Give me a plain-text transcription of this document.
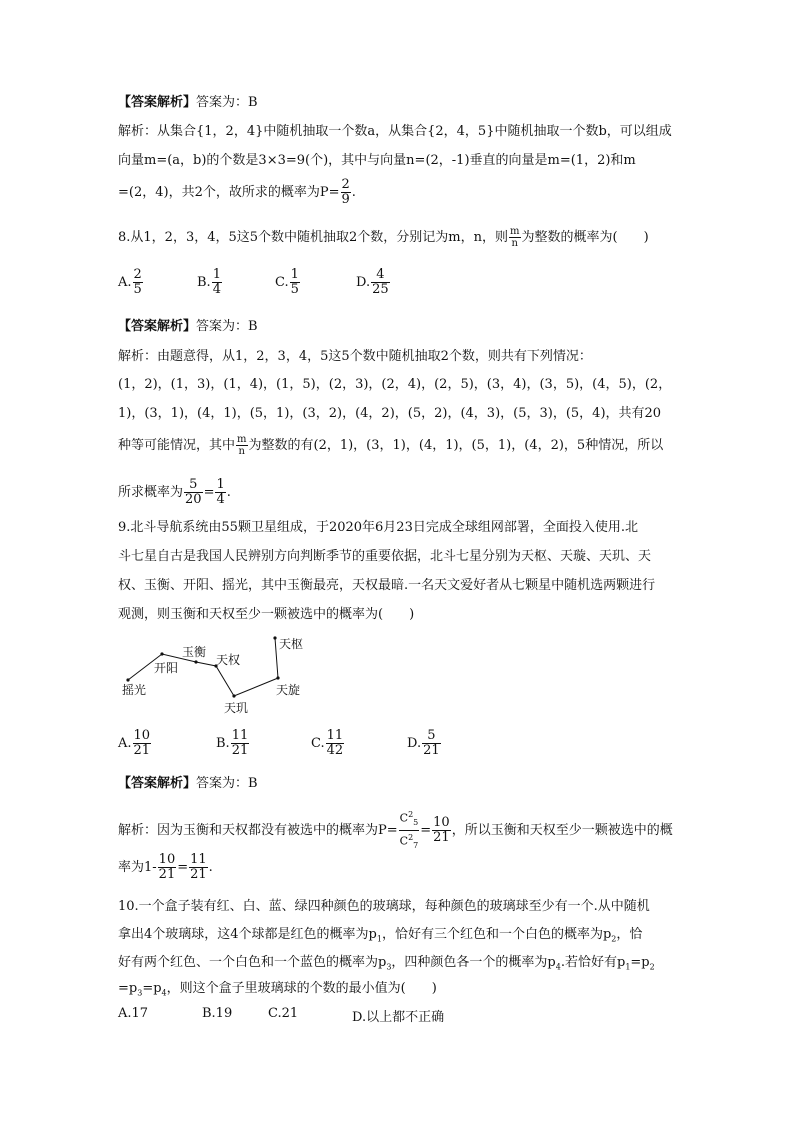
【答案解析】答案为：B
解析：从集合{1，2，4}中随机抽取一个数a，从集合{2，4，5}中随机抽取一个数b，可以组成
向量m=(a，b)的个数是3×3=9(个)，其中与向量n=(2，-1)垂直的向量是m=(1，2)和m
=(2，4)，共2个，故所求的概率为$P= \frac{2}{9}$ .
8.从1，2，3，4，5这5个数中随机抽取2个数，分别记为m，n，则 $\frac{m}{n}$ 为整数的概率为(　　)
A. $\frac{2}{5}$	B. $\frac{1}{4}$	C. $\frac{1}{5}$	D. $\frac{4}{25}$
【答案解析】答案为：B
解析：由题意得，从1，2，3，4，5这5个数中随机抽取2个数，则共有下列情况：
(1，2)，(1，3)，(1，4)，(1，5)，(2，3)，(2，4)，(2，5)，(3，4)，(3，5)，(4，5)，(2，
1)，(3，1)，(4，1)，(5，1)，(3，2)，(4，2)，(5，2)，(4，3)，(5，3)，(5，4)，共有20
种等可能情况，其中 $\frac{m}{n}$ 为整数的有(2，1)，(3，1)，(4，1)，(5，1)，(4，2)，5种情况，所以
所求概率为 $\frac{5}{20} = \frac{1}{4}$ .
9.北斗导航系统由55颗卫星组成，于2020年6月23日完成全球组网部署，全面投入使用.北
斗七星自古是我国人民辨别方向判断季节的重要依据，北斗七星分别为天枢、天璇、天玑、天
权、玉衡、开阳、摇光，其中玉衡最亮，天权最暗.一名天文爱好者从七颗星中随机选两颗进行
观测，则玉衡和天权至少一颗被选中的概率为(　　)
摇光
开阳
玉衡
天权
天玑
天旋
天枢
A. $\frac{10}{21}$	B. $\frac{11}{21}$	C. $\frac{11}{42}$	D. $\frac{5}{21}$
【答案解析】答案为：B
解析：因为玉衡和天权都没有被选中的概率为$P= \frac{C^2_5}{C^2_7} = \frac{10}{21}$ ，所以玉衡和天权至少一颗被选中的概
率为$1- \frac{10}{21} = \frac{11}{21}$ .
10.一个盒子装有红、白、蓝、绿四种颜色的玻璃球，每种颜色的玻璃球至少有一个.从中随机
拿出4个玻璃球，这4个球都是红色的概率为$p_1$，恰好有三个红色和一个白色的概率为$p_2$，恰
好有两个红色、一个白色和一个蓝色的概率为$p_3$，四种颜色各一个的概率为$p_4$.若恰好有$p_1=p_2$
$=p_3=p_4$，则这个盒子里玻璃球的个数的最小值为(　　)
A.17	B.19	C.21	D.以上都不正确
